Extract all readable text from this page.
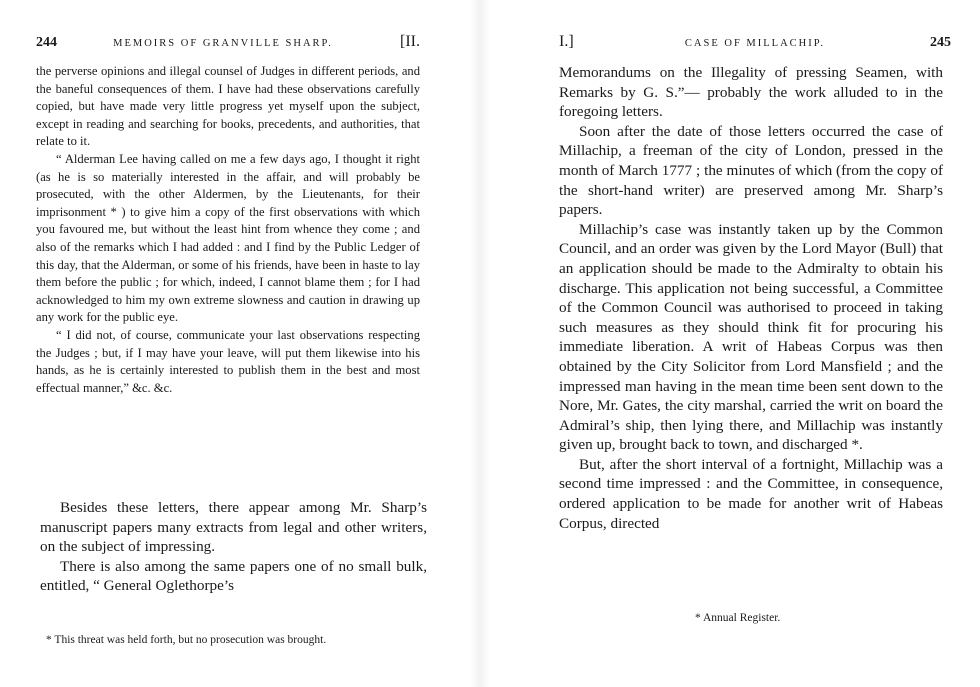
244	MEMOIRS OF GRANVILLE SHARP.	[II.

the perverse opinions and illegal counsel of Judges in different periods, and the baneful consequences of them. I have had these observations carefully copied, but have made very little progress yet myself upon the subject, except in reading and searching for books, precedents, and authorities, that relate to it.

“ Alderman Lee having called on me a few days ago, I thought it right (as he is so materially interested in the affair, and will probably be prosecuted, with the other Aldermen, by the Lieutenants, for their imprisonment * ) to give him a copy of the first observations with which you favoured me, but without the least hint from whence they come ; and also of the remarks which I had added : and I find by the Public Ledger of this day, that the Alderman, or some of his friends, have been in haste to lay them before the public ; for which, indeed, I cannot blame them ; for I had acknowledged to him my own extreme slowness and caution in drawing up any work for the public eye.

“ I did not, of course, communicate your last observations respecting the Judges ; but, if I may have your leave, will put them likewise into his hands, as he is certainly interested to publish them in the best and most effectual manner,” &c. &c.

Besides these letters, there appear among Mr. Sharp’s manuscript papers many extracts from legal and other writers, on the subject of impressing.

There is also among the same papers one of no small bulk, entitled, “ General Oglethorpe’s

* This threat was held forth, but no prosecution was brought.
I.]	CASE OF MILLACHIP.	245

Memorandums on the Illegality of pressing Seamen, with Remarks by G. S.”— probably the work alluded to in the foregoing letters.

Soon after the date of those letters occurred the case of Millachip, a freeman of the city of London, pressed in the month of March 1777 ; the minutes of which (from the copy of the short-hand writer) are preserved among Mr. Sharp’s papers.

Millachip’s case was instantly taken up by the Common Council, and an order was given by the Lord Mayor (Bull) that an application should be made to the Admiralty to obtain his discharge. This application not being successful, a Committee of the Common Council was authorised to proceed in taking such measures as they should think fit for procuring his immediate liberation. A writ of Habeas Corpus was then obtained by the City Solicitor from Lord Mansfield ; and the impressed man having in the mean time been sent down to the Nore, Mr. Gates, the city marshal, carried the writ on board the Admiral’s ship, then lying there, and Millachip was instantly given up, brought back to town, and discharged *.

But, after the short interval of a fortnight, Millachip was a second time impressed : and the Committee, in consequence, ordered application to be made for another writ of Habeas Corpus, directed

* Annual Register.
